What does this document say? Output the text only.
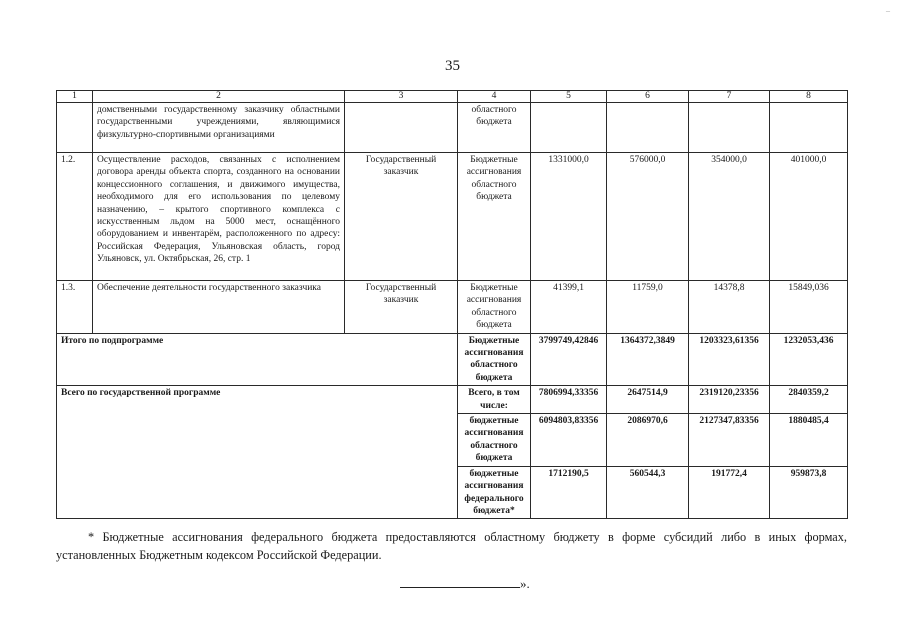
35
1	2	3	4	5	6	7	8
	домственными государственному заказчику областными государственными учреждениями, являющимися физкультурно-спортивными организациями		областного бюджета				
1.2.	Осуществление расходов, связанных с исполнением договора аренды объекта спорта, созданного на основании концессионного соглашения, и движимого имущества, необходимого для его использования по целевому назначению, – крытого спортивного комплекса с искусственным льдом на 5000 мест, оснащённого оборудованием и инвентарём, расположенного по адресу: Российская Федерация, Ульяновская область, город Ульяновск, ул. Октябрьская, 26, стр. 1	Государственный заказчик	Бюджетные ассигнования областного бюджета	1331000,0	576000,0	354000,0	401000,0
1.3.	Обеспечение деятельности государственного заказчика	Государственный заказчик	Бюджетные ассигнования областного бюджета	41399,1	11759,0	14378,8	15849,036
Итого по подпрограмме			Бюджетные ассигнования областного бюджета	3799749,42846	1364372,3849	1203323,61356	1232053,436
Всего по государственной программе			Всего, в том числе:	7806994,33356	2647514,9	2319120,23356	2840359,2
			бюджетные ассигнования областного бюджета	6094803,83356	2086970,6	2127347,83356	1880485,4
			бюджетные ассигнования федерального бюджета*	1712190,5	560544,3	191772,4	959873,8
* Бюджетные ассигнования федерального бюджета предоставляются областному бюджету в форме субсидий либо в иных формах, установленных Бюджетным кодексом Российской Федерации.
».
–
